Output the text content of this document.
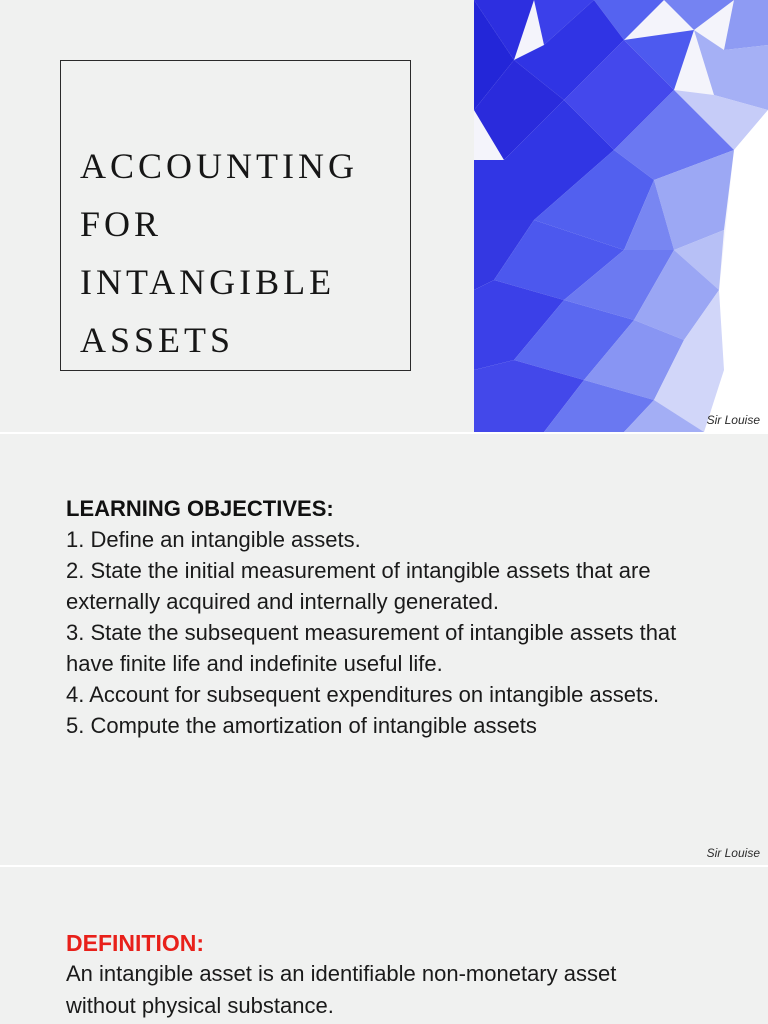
ACCOUNTING
FOR
INTANGIBLE
ASSETS
Sir Louise
LEARNING OBJECTIVES:
1. Define an intangible assets.
2. State the initial measurement of intangible assets that are externally acquired and internally generated.
3. State the subsequent measurement of intangible assets that have finite life and indefinite useful life.
4. Account for subsequent expenditures on intangible assets.
5. Compute the amortization of intangible assets
Sir Louise
DEFINITION:

An intangible asset is an identifiable non-monetary asset without physical substance.
